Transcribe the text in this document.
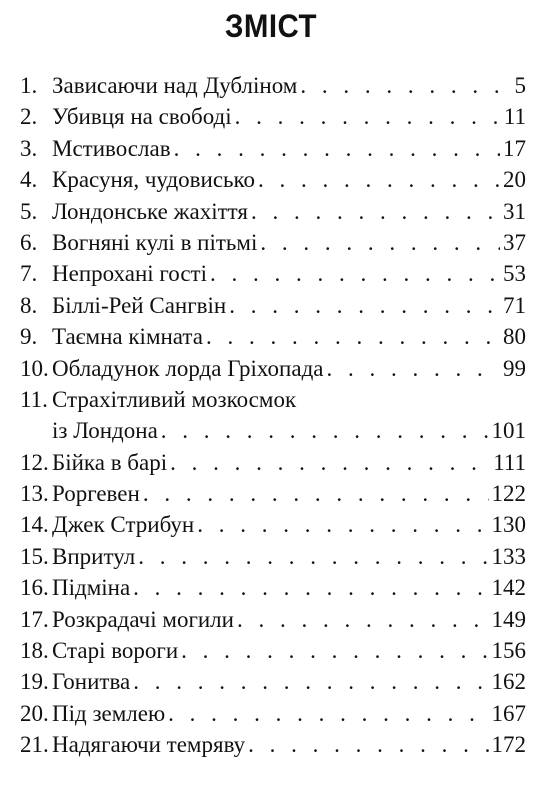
ЗМІСТ
1. Зависаючи над Дубліном . . .	5
2. Убивця на свободі . . .	11
3. Мстивослав . . .	17
4. Красуня, чудовисько . . .	20
5. Лондонське жахіття . . .	31
6. Вогняні кулі в пітьмі . . .	37
7. Непрохані гості . . .	53
8. Біллі-Рей Сангвін . . .	71
9. Таємна кімната . . .	80
10. Обладунок лорда Гріхопада . . .	99
11. Страхітливий мозкосмок
із Лондона . . .	101
12. Бійка в барі . . .	111
13. Роргевен . . .	122
14. Джек Стрибун . . .	130
15. Впритул . . .	133
16. Підміна . . .	142
17. Розкрадачі могили . . .	149
18. Старі вороги . . .	156
19. Гонитва . . .	162
20. Під землею . . .	167
21. Надягаючи темряву . . .	172
